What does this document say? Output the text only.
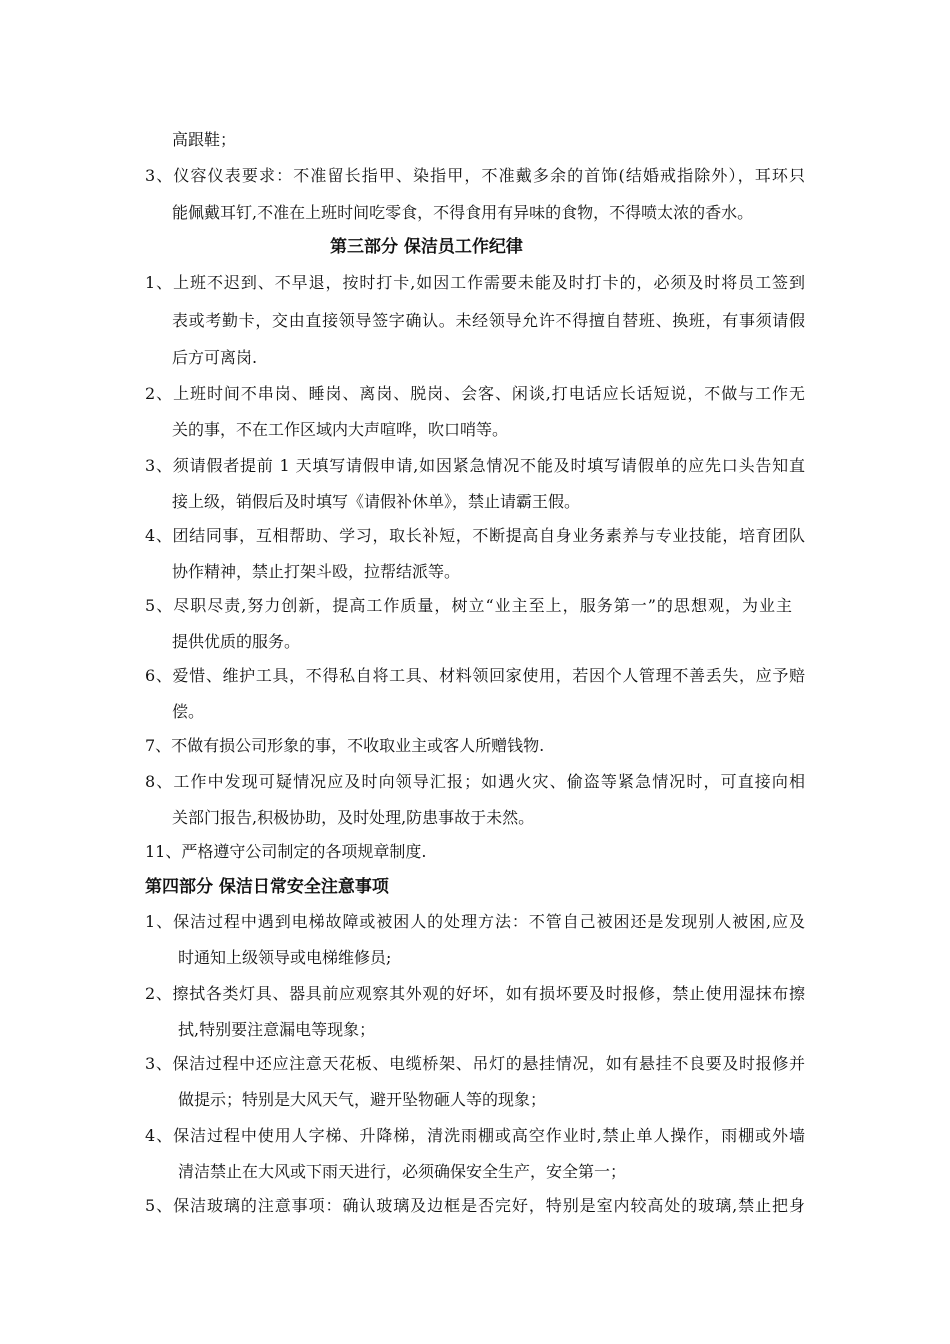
高跟鞋；
3、仪容仪表要求：不准留长指甲、染指甲，不准戴多余的首饰(结婚戒指除外），耳环只
能佩戴耳钉,不准在上班时间吃零食，不得食用有异味的食物，不得喷太浓的香水。
第三部分 保洁员工作纪律
1、上班不迟到、不早退，按时打卡,如因工作需要未能及时打卡的，必须及时将员工签到
表或考勤卡，交由直接领导签字确认。未经领导允许不得擅自替班、换班，有事须请假
后方可离岗.
2、上班时间不串岗、睡岗、离岗、脱岗、会客、闲谈,打电话应长话短说，不做与工作无
关的事，不在工作区域内大声喧哗，吹口哨等。
3、须请假者提前 1 天填写请假申请,如因紧急情况不能及时填写请假单的应先口头告知直
接上级，销假后及时填写《请假补休单》，禁止请霸王假。
4、团结同事，互相帮助、学习，取长补短，不断提高自身业务素养与专业技能，培育团队
协作精神，禁止打架斗殴，拉帮结派等。
5、尽职尽责,努力创新，提高工作质量，树立“业主至上，服务第一”的思想观，为业主
提供优质的服务。
6、爱惜、维护工具，不得私自将工具、材料领回家使用，若因个人管理不善丢失，应予赔
偿。
7、不做有损公司形象的事，不收取业主或客人所赠钱物.
8、工作中发现可疑情况应及时向领导汇报；如遇火灾、偷盗等紧急情况时，可直接向相
关部门报告,积极协助，及时处理,防患事故于未然。
11、严格遵守公司制定的各项规章制度.
第四部分 保洁日常安全注意事项
1、保洁过程中遇到电梯故障或被困人的处理方法：不管自己被困还是发现别人被困,应及
时通知上级领导或电梯维修员;
2、擦拭各类灯具、器具前应观察其外观的好坏，如有损坏要及时报修，禁止使用湿抹布擦
拭,特别要注意漏电等现象；
3、保洁过程中还应注意天花板、电缆桥架、吊灯的悬挂情况，如有悬挂不良要及时报修并
做提示；特别是大风天气，避开坠物砸人等的现象；
4、保洁过程中使用人字梯、升降梯，清洗雨棚或高空作业时,禁止单人操作，雨棚或外墙
清洁禁止在大风或下雨天进行，必须确保安全生产，安全第一；
5、保洁玻璃的注意事项：确认玻璃及边框是否完好，特别是室内较高处的玻璃,禁止把身
